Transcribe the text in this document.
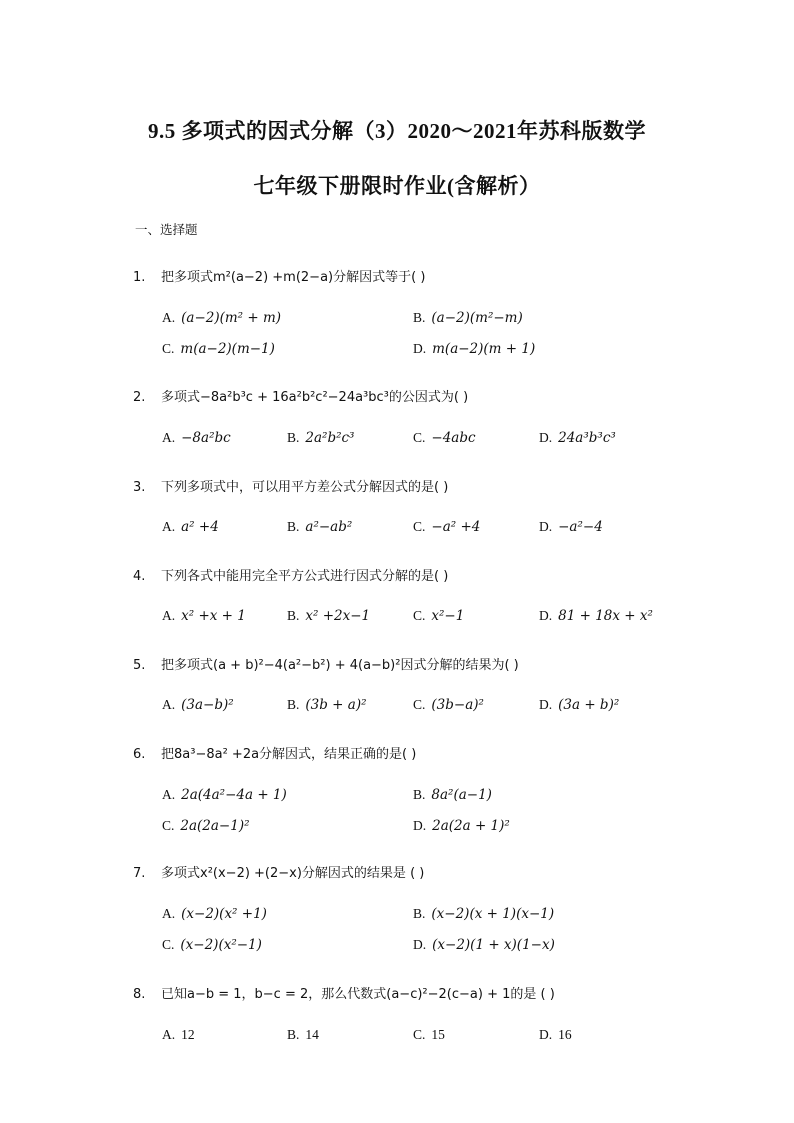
9.5 多项式的因式分解（3）2020～2021年苏科版数学
七年级下册限时作业(含解析）
一、选择题
1. 把多项式m²(a−2) +m(2−a)分解因式等于( )
A. (a−2)(m² + m)	B. (a−2)(m²−m)
C. m(a−2)(m−1)	D. m(a−2)(m + 1)
2. 多项式−8a²b³c + 16a²b²c²−24a³bc³的公因式为( )
A. −8a²bc	B. 2a²b²c³	C. −4abc	D. 24a³b³c³
3. 下列多项式中，可以用平方差公式分解因式的是( )
A. a² +4	B. a²−ab²	C. −a² +4	D. −a²−4
4. 下列各式中能用完全平方公式进行因式分解的是( )
A. x² +x + 1	B. x² +2x−1	C. x²−1	D. 81 + 18x + x²
5. 把多项式(a + b)²−4(a²−b²) + 4(a−b)²因式分解的结果为( )
A. (3a−b)²	B. (3b + a)²	C. (3b−a)²	D. (3a + b)²
6. 把8a³−8a² +2a分解因式，结果正确的是( )
A. 2a(4a²−4a + 1)	B. 8a²(a−1)
C. 2a(2a−1)²	D. 2a(2a + 1)²
7. 多项式x²(x−2) +(2−x)分解因式的结果是 ( )
A. (x−2)(x² +1)	B. (x−2)(x + 1)(x−1)
C. (x−2)(x²−1)	D. (x−2)(1 + x)(1−x)
8. 已知a−b = 1，b−c = 2，那么代数式(a−c)²−2(c−a) + 1的是 ( )
A. 12	B. 14	C. 15	D. 16
